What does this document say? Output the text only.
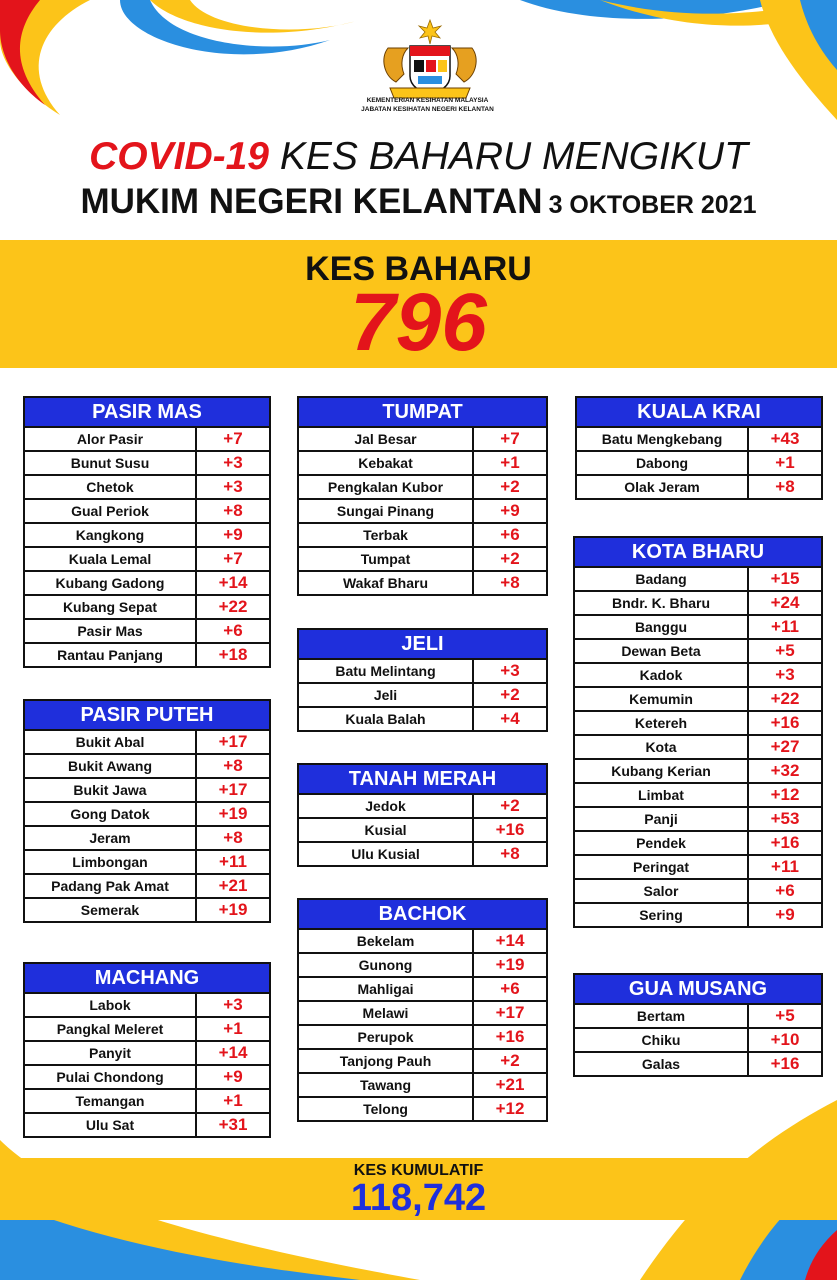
KEMENTERIAN KESIHATAN MALAYSIA
JABATAN KESIHATAN NEGERI KELANTAN
COVID-19 KES BAHARU MENGIKUT
MUKIM NEGERI KELANTAN 3 OKTOBER 2021
KES BAHARU
796
PASIR MAS
Alor Pasir	+7
Bunut Susu	+3
Chetok	+3
Gual Periok	+8
Kangkong	+9
Kuala Lemal	+7
Kubang Gadong	+14
Kubang Sepat	+22
Pasir Mas	+6
Rantau Panjang	+18
PASIR PUTEH
Bukit Abal	+17
Bukit Awang	+8
Bukit Jawa	+17
Gong Datok	+19
Jeram	+8
Limbongan	+11
Padang Pak Amat	+21
Semerak	+19
MACHANG
Labok	+3
Pangkal Meleret	+1
Panyit	+14
Pulai Chondong	+9
Temangan	+1
Ulu Sat	+31
TUMPAT
Jal Besar	+7
Kebakat	+1
Pengkalan Kubor	+2
Sungai Pinang	+9
Terbak	+6
Tumpat	+2
Wakaf Bharu	+8
JELI
Batu Melintang	+3
Jeli	+2
Kuala Balah	+4
TANAH MERAH
Jedok	+2
Kusial	+16
Ulu Kusial	+8
BACHOK
Bekelam	+14
Gunong	+19
Mahligai	+6
Melawi	+17
Perupok	+16
Tanjong Pauh	+2
Tawang	+21
Telong	+12
KUALA KRAI
Batu Mengkebang	+43
Dabong	+1
Olak Jeram	+8
KOTA BHARU
Badang	+15
Bndr. K. Bharu	+24
Banggu	+11
Dewan Beta	+5
Kadok	+3
Kemumin	+22
Ketereh	+16
Kota	+27
Kubang Kerian	+32
Limbat	+12
Panji	+53
Pendek	+16
Peringat	+11
Salor	+6
Sering	+9
GUA MUSANG
Bertam	+5
Chiku	+10
Galas	+16
KES KUMULATIF
118,742
